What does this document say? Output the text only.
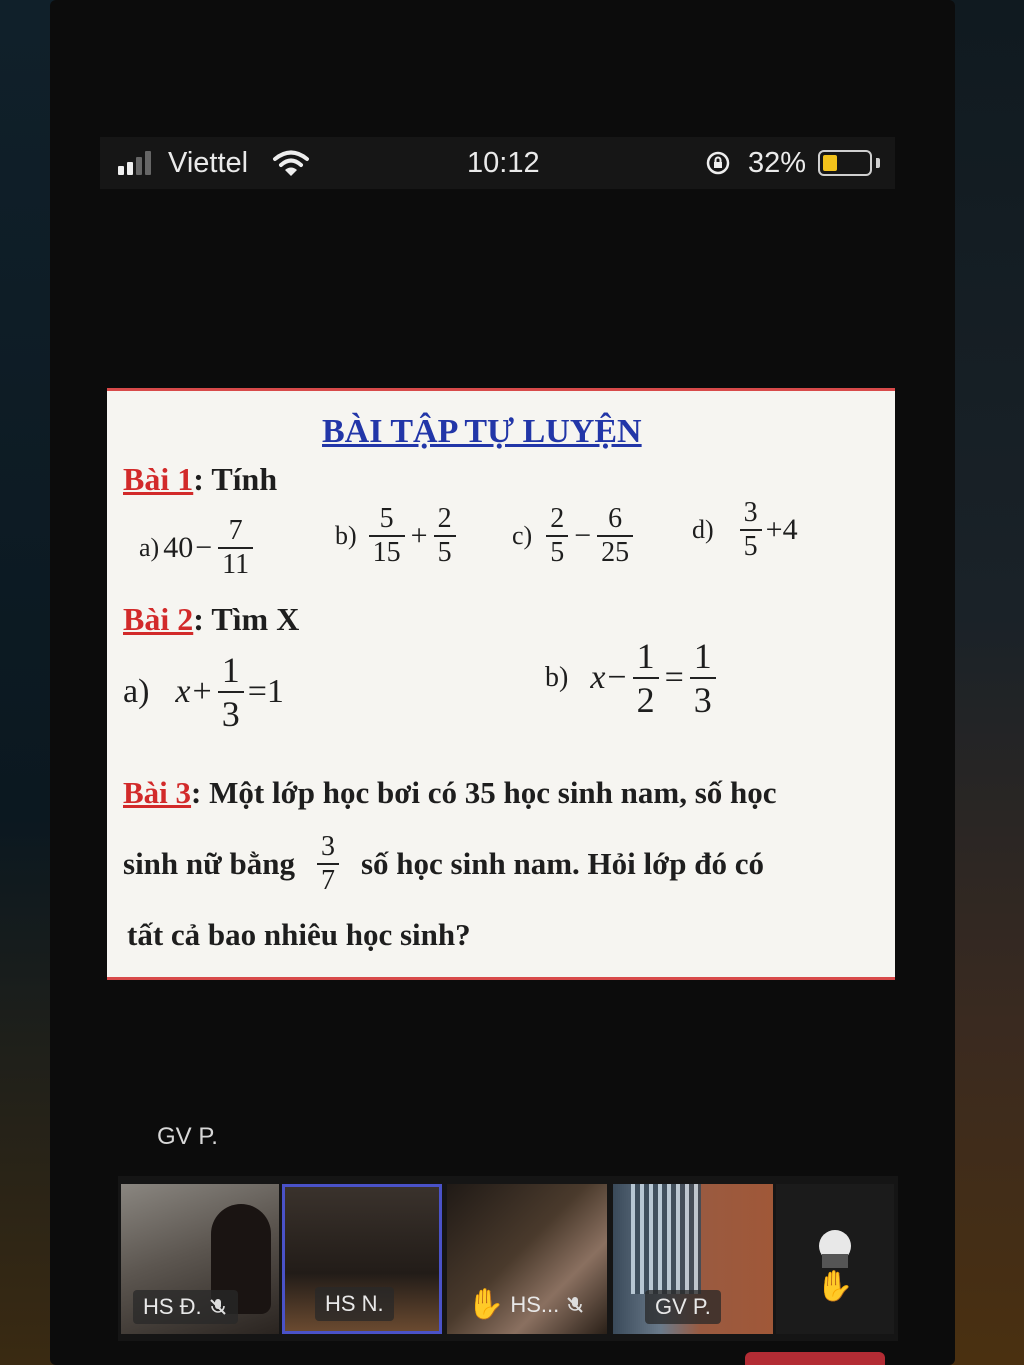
Viettel	10:12	32%
BÀI TẬP TỰ LUYỆN
Bài 1: Tính
a) $40 - \frac{7}{11}$	$b) \frac{5}{15} + \frac{2}{5} c) \frac{2}{5} - \frac{6}{25} d) \frac{3}{5} +4$
Bài 2: Tìm X
a) $x + \frac{1}{3} =1$	b) $x - \frac{1}{2} = \frac{1}{3}$
Bài 3: Một lớp học bơi có 35 học sinh nam, số học
sinh nữ bằng $\frac{3}{7}$ số học sinh nam. Hỏi lớp đó có
tất cả bao nhiêu học sinh?
GV P.
HS Đ.	HS N.	✋ HS...	GV P.
✋
